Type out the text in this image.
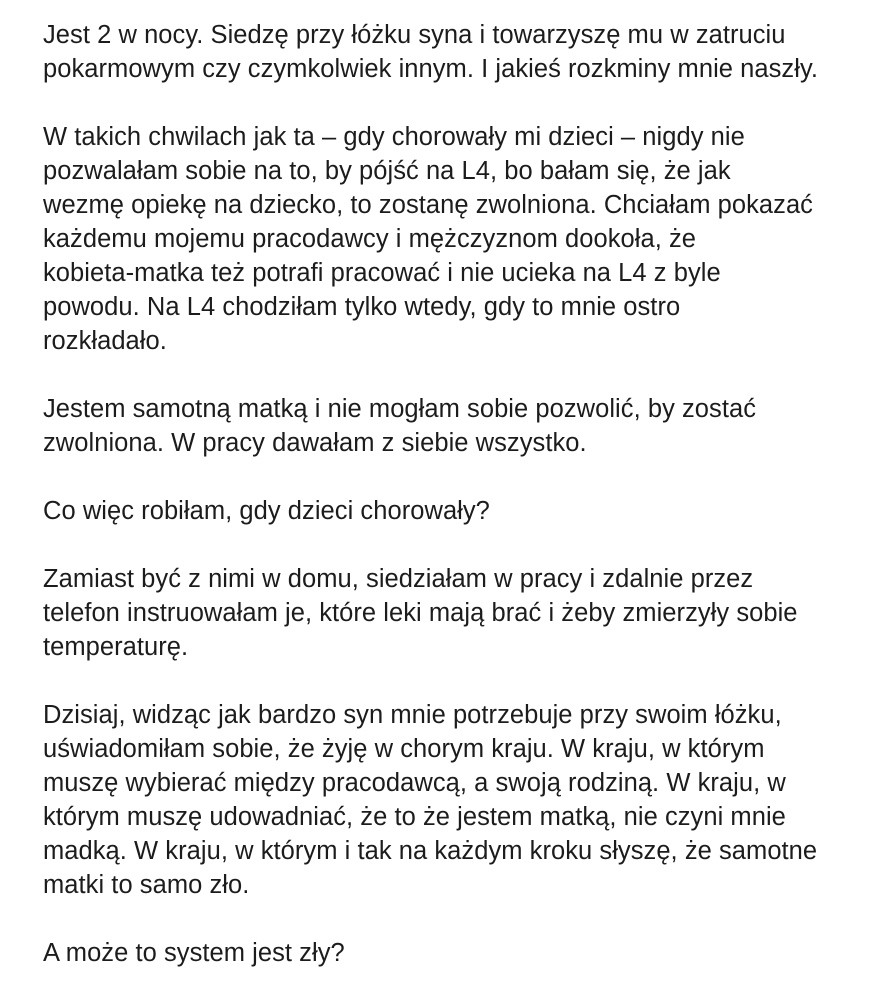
Jest 2 w nocy. Siedzę przy łóżku syna i towarzyszę mu w zatruciu
pokarmowym czy czymkolwiek innym. I jakieś rozkminy mnie naszły.

W takich chwilach jak ta – gdy chorowały mi dzieci – nigdy nie
pozwalałam sobie na to, by pójść na L4, bo bałam się, że jak
wezmę opiekę na dziecko, to zostanę zwolniona. Chciałam pokazać
każdemu mojemu pracodawcy i mężczyznom dookoła, że
kobieta-matka też potrafi pracować i nie ucieka na L4 z byle
powodu. Na L4 chodziłam tylko wtedy, gdy to mnie ostro
rozkładało.

Jestem samotną matką i nie mogłam sobie pozwolić, by zostać
zwolniona. W pracy dawałam z siebie wszystko.

Co więc robiłam, gdy dzieci chorowały?

Zamiast być z nimi w domu, siedziałam w pracy i zdalnie przez
telefon instruowałam je, które leki mają brać i żeby zmierzyły sobie
temperaturę.

Dzisiaj, widząc jak bardzo syn mnie potrzebuje przy swoim łóżku,
uświadomiłam sobie, że żyję w chorym kraju. W kraju, w którym
muszę wybierać między pracodawcą, a swoją rodziną. W kraju, w
którym muszę udowadniać, że to że jestem matką, nie czyni mnie
madką. W kraju, w którym i tak na każdym kroku słyszę, że samotne
matki to samo zło.

A może to system jest zły?
